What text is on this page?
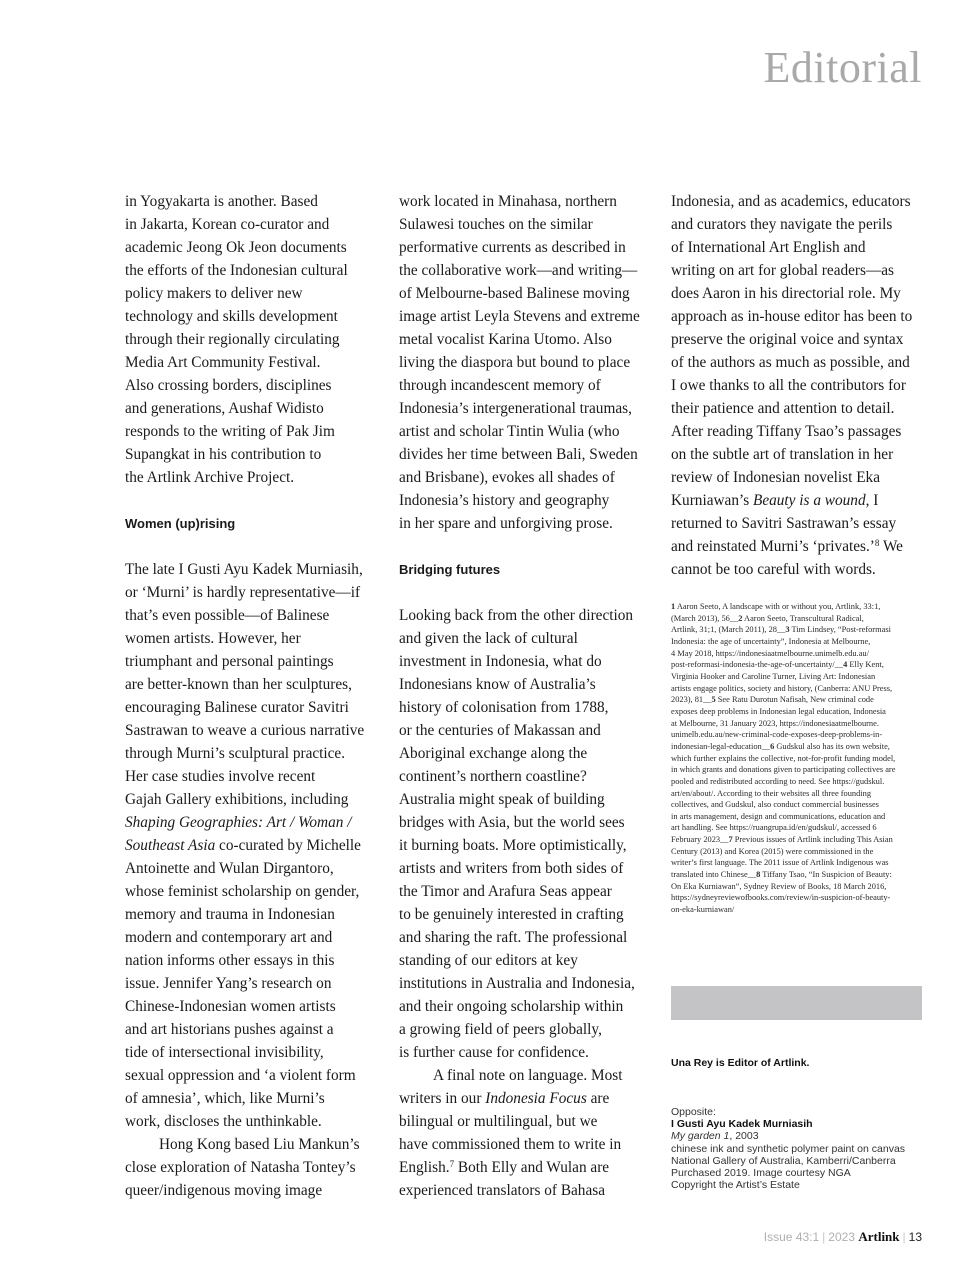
Editorial
in Yogyakarta is another. Based
in Jakarta, Korean co-curator and
academic Jeong Ok Jeon documents
the efforts of the Indonesian cultural
policy makers to deliver new
technology and skills development
through their regionally circulating
Media Art Community Festival.
Also crossing borders, disciplines
and generations, Aushaf Widisto
responds to the writing of Pak Jim
Supangkat in his contribution to
the Artlink Archive Project.
Women (up)rising
The late I Gusti Ayu Kadek Murniasih,
or ‘Murni’ is hardly representative—if
that’s even possible—of Balinese
women artists. However, her
triumphant and personal paintings
are better-known than her sculptures,
encouraging Balinese curator Savitri
Sastrawan to weave a curious narrative
through Murni’s sculptural practice.
Her case studies involve recent
Gajah Gallery exhibitions, including
Shaping Geographies: Art / Woman /
Southeast Asia co-curated by Michelle
Antoinette and Wulan Dirgantoro,
whose feminist scholarship on gender,
memory and trauma in Indonesian
modern and contemporary art and
nation informs other essays in this
issue. Jennifer Yang’s research on
Chinese-Indonesian women artists
and art historians pushes against a
tide of intersectional invisibility,
sexual oppression and ‘a violent form
of amnesia’, which, like Murni’s
work, discloses the unthinkable.
Hong Kong based Liu Mankun’s
close exploration of Natasha Tontey’s
queer/indigenous moving image
work located in Minahasa, northern
Sulawesi touches on the similar
performative currents as described in
the collaborative work—and writing—
of Melbourne-based Balinese moving
image artist Leyla Stevens and extreme
metal vocalist Karina Utomo. Also
living the diaspora but bound to place
through incandescent memory of
Indonesia’s intergenerational traumas,
artist and scholar Tintin Wulia (who
divides her time between Bali, Sweden
and Brisbane), evokes all shades of
Indonesia’s history and geography
in her spare and unforgiving prose.
Bridging futures
Looking back from the other direction
and given the lack of cultural
investment in Indonesia, what do
Indonesians know of Australia’s
history of colonisation from 1788,
or the centuries of Makassan and
Aboriginal exchange along the
continent’s northern coastline?
Australia might speak of building
bridges with Asia, but the world sees
it burning boats. More optimistically,
artists and writers from both sides of
the Timor and Arafura Seas appear
to be genuinely interested in crafting
and sharing the raft. The professional
standing of our editors at key
institutions in Australia and Indonesia,
and their ongoing scholarship within
a growing field of peers globally,
is further cause for confidence.
A final note on language. Most
writers in our Indonesia Focus are
bilingual or multilingual, but we
have commissioned them to write in
English.$^7$ Both Elly and Wulan are
experienced translators of Bahasa
Indonesia, and as academics, educators
and curators they navigate the perils
of International Art English and
writing on art for global readers—as
does Aaron in his directorial role. My
approach as in-house editor has been to
preserve the original voice and syntax
of the authors as much as possible, and
I owe thanks to all the contributors for
their patience and attention to detail.
After reading Tiffany Tsao’s passages
on the subtle art of translation in her
review of Indonesian novelist Eka
Kurniawan’s Beauty is a wound, I
returned to Savitri Sastrawan’s essay
and reinstated Murni’s ‘privates.’$^8$ We
cannot be too careful with words.
1 Aaron Seeto, A landscape with or without you, Artlink, 33:1,
(March 2013), 56__2 Aaron Seeto, Transcultural Radical,
Artlink, 31;1, (March 2011), 28__3 Tim Lindsey, “Post-reformasi
Indonesia: the age of uncertainty”, Indonesia at Melbourne,
4 May 2018, https://indonesiaatmelbourne.unimelb.edu.au/
post-reformasi-indonesia-the-age-of-uncertainty/__4 Elly Kent,
Virginia Hooker and Caroline Turner, Living Art: Indonesian
artists engage politics, society and history, (Canberra: ANU Press,
2023), 81__5 See Ratu Durotun Nafisah, New criminal code
exposes deep problems in Indonesian legal education, Indonesia
at Melbourne, 31 January 2023, https://indonesiaatmelbourne.
unimelb.edu.au/new-criminal-code-exposes-deep-problems-in-
indonesian-legal-education__6 Gudskul also has its own website,
which further explains the collective, not-for-profit funding model,
in which grants and donations given to participating collectives are
pooled and redistributed according to need. See https://gudskul.
art/en/about/. According to their websites all three founding
collectives, and Gudskul, also conduct commercial businesses
in arts management, design and communications, education and
art handling. See https://ruangrupa.id/en/gudskul/, accessed 6
February 2023__7 Previous issues of Artlink including This Asian
Century (2013) and Korea (2015) were commissioned in the
writer’s first language. The 2011 issue of Artlink Indigenous was
translated into Chinese__8 Tiffany Tsao, “In Suspicion of Beauty:
On Eka Kurniawan”, Sydney Review of Books, 18 March 2016,
https://sydneyreviewofbooks.com/review/in-suspicion-of-beauty-
on-eka-kurniawan/
Una Rey is Editor of Artlink.
Opposite:
I Gusti Ayu Kadek Murniasih
My garden 1, 2003
chinese ink and synthetic polymer paint on canvas
National Gallery of Australia, Kamberri/Canberra
Purchased 2019. Image courtesy NGA
Copyright the Artist’s Estate
Issue 43:1 | 2023 Artlink | 13
